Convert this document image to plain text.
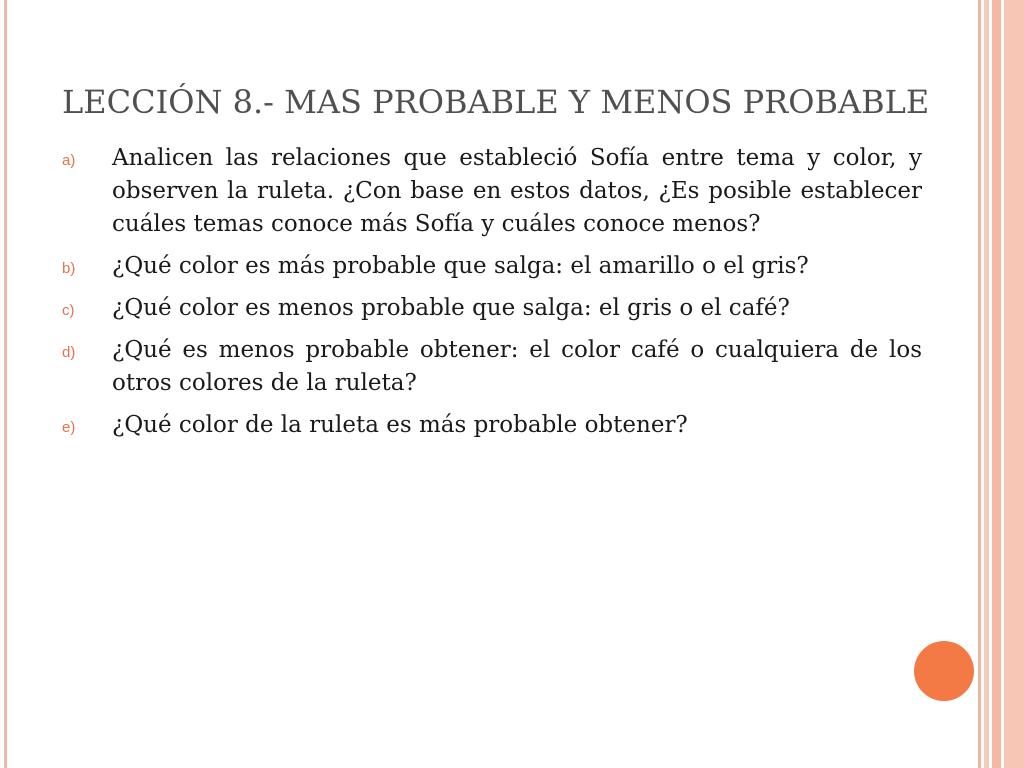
LECCIÓN 8.- MAS PROBABLE Y MENOS PROBABLE
a) Analicen las relaciones que estableció Sofía entre tema y color, y observen la ruleta. ¿Con base en estos datos, ¿Es posible establecer cuáles temas conoce más Sofía y cuáles conoce menos?
b) ¿Qué color es más probable que salga: el amarillo o el gris?
c) ¿Qué color es menos probable que salga: el gris o el café?
d) ¿Qué es menos probable obtener: el color café o cualquiera de los otros colores de la ruleta?
e) ¿Qué color de la ruleta es más probable obtener?
